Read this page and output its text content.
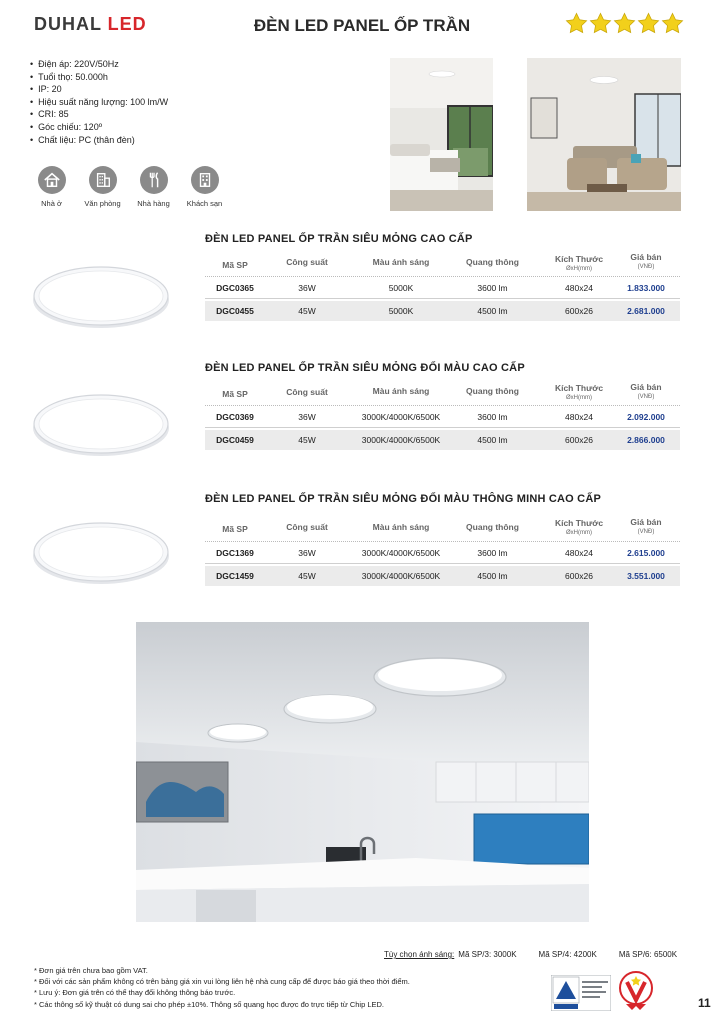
DUHAL LED	ĐÈN LED PANEL ỐP TRẦN
• Điện áp: 220V/50Hz
• Tuổi thọ: 50.000h
• IP: 20
• Hiệu suất năng lượng: 100 lm/W
• CRI: 85
• Góc chiếu: 120º
• Chất liệu: PC (thân đèn)
Nhà ở	Văn phòng	Nhà hàng	Khách sạn
ĐÈN LED PANEL ỐP TRẦN SIÊU MỎNG CAO CẤP
Mã SP	Công suất	Màu ánh sáng	Quang thông	Kích Thước
ØxH(mm)
Giá bán
(VNĐ)
DGC0365	36W	5000K	3600 lm	480x24	1.833.000
DGC0455	45W	5000K	4500 lm	600x26	2.681.000
ĐÈN LED PANEL ỐP TRẦN SIÊU MỎNG ĐỔI MÀU CAO CẤP
Mã SP	Công suất	Màu ánh sáng	Quang thông	Kích Thước
ØxH(mm)
Giá bán
(VNĐ)
DGC0369	36W	3000K/4000K/6500K	3600 lm	480x24	2.092.000
DGC0459	45W	3000K/4000K/6500K	4500 lm	600x26	2.866.000
ĐÈN LED PANEL ỐP TRẦN SIÊU MỎNG ĐỔI MÀU THÔNG MINH CAO CẤP
Mã SP	Công suất	Màu ánh sáng	Quang thông	Kích Thước
ØxH(mm)
Giá bán
(VNĐ)
DGC1369	36W	3000K/4000K/6500K	3600 lm	480x24	2.615.000
DGC1459	45W	3000K/4000K/6500K	4500 lm	600x26	3.551.000
Tùy chọn ánh sáng: Mã SP/3: 3000K	Mã SP/4: 4200K	Mã SP/6: 6500K
* Đơn giá trên chưa bao gồm VAT.
* Đối với các sản phẩm không có trên bảng giá xin vui lòng liên hệ nhà cung cấp để được báo giá theo thời điểm.
* Lưu ý: Đơn giá trên có thể thay đổi không thông báo trước.
* Các thông số kỹ thuật có dung sai cho phép ±10%. Thông số quang học được đo trực tiếp từ Chip LED.	11
